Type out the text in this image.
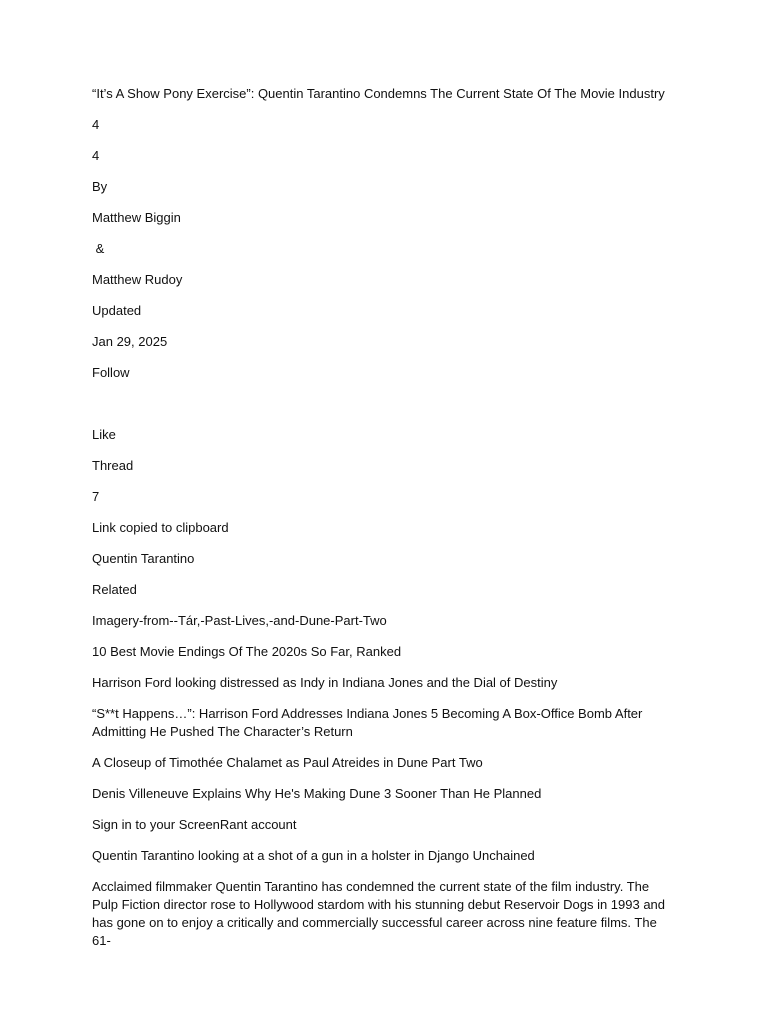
“It’s A Show Pony Exercise”: Quentin Tarantino Condemns The Current State Of The Movie Industry

4

4

By

Matthew Biggin

&

Matthew Rudoy

Updated

Jan 29, 2025

Follow

Like

Thread

7

Link copied to clipboard

Quentin Tarantino

Related

Imagery-from--Tár,-Past-Lives,-and-Dune-Part-Two

10 Best Movie Endings Of The 2020s So Far, Ranked

Harrison Ford looking distressed as Indy in Indiana Jones and the Dial of Destiny

“S**t Happens…”: Harrison Ford Addresses Indiana Jones 5 Becoming A Box-Office Bomb After Admitting He Pushed The Character’s Return

A Closeup of Timothée Chalamet as Paul Atreides in Dune Part Two

Denis Villeneuve Explains Why He's Making Dune 3 Sooner Than He Planned

Sign in to your ScreenRant account

Quentin Tarantino looking at a shot of a gun in a holster in Django Unchained

Acclaimed filmmaker Quentin Tarantino has condemned the current state of the film industry. The Pulp Fiction director rose to Hollywood stardom with his stunning debut Reservoir Dogs in 1993 and has gone on to enjoy a critically and commercially successful career across nine feature films. The 61-
